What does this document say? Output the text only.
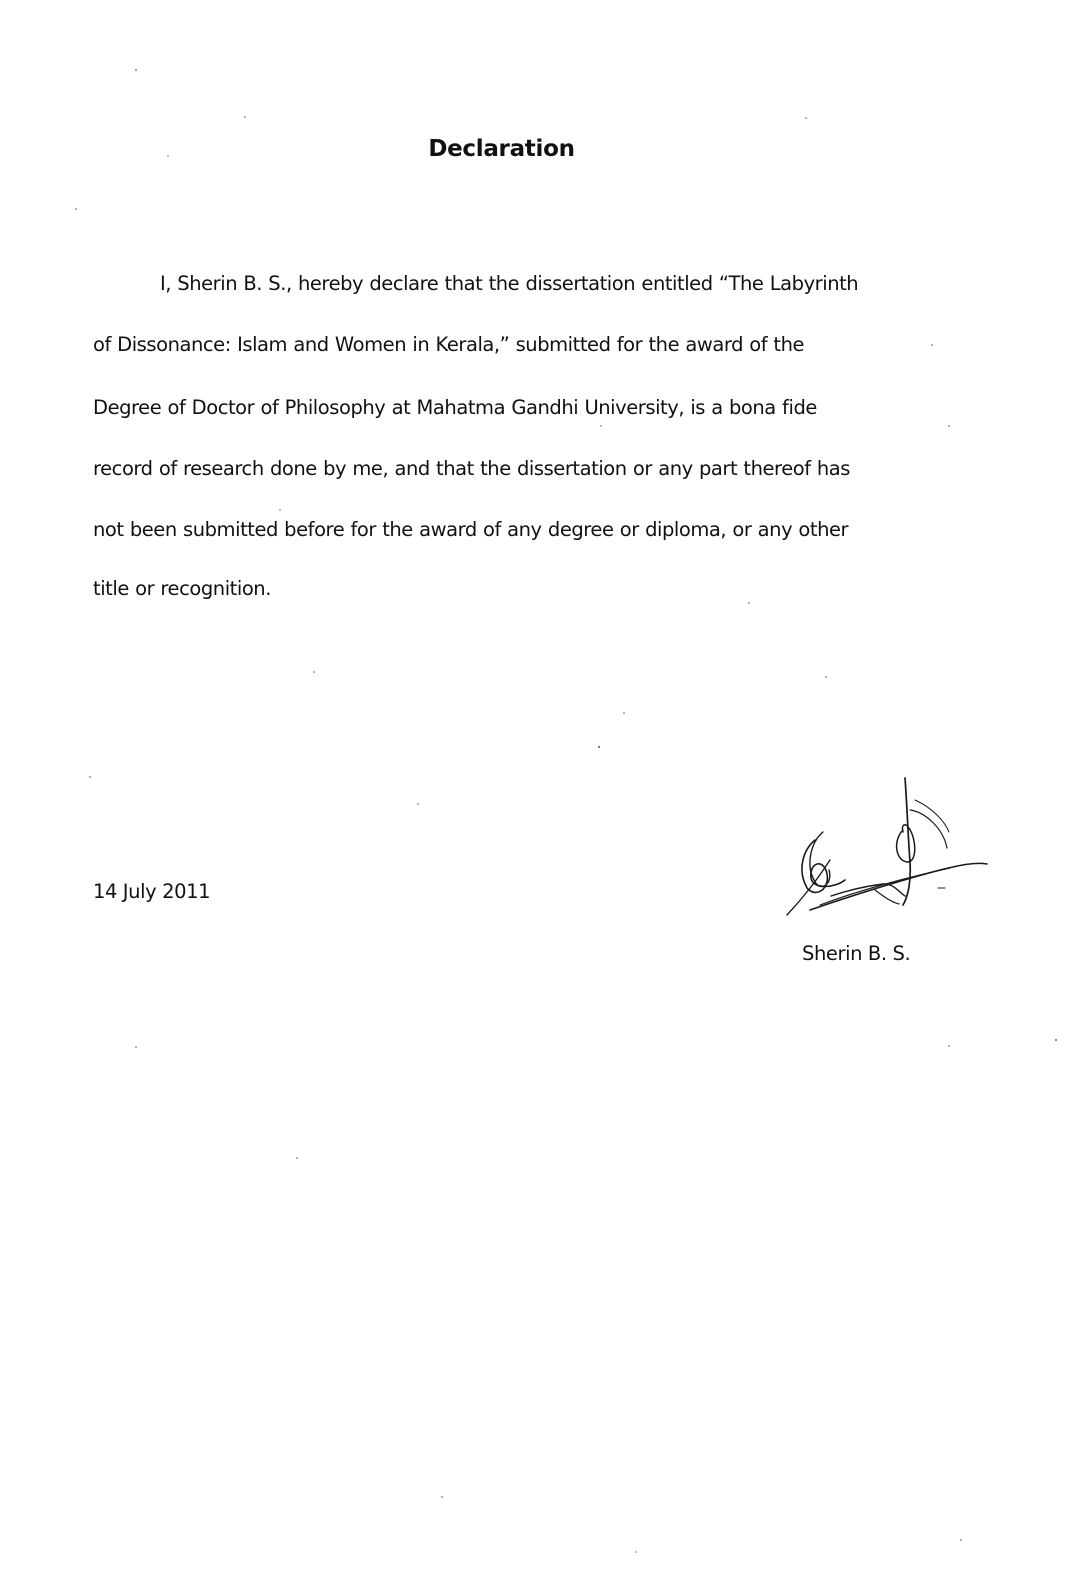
Declaration
I, Sherin B. S., hereby declare that the dissertation entitled “The Labyrinth
of Dissonance: Islam and Women in Kerala,” submitted for the award of the
Degree of Doctor of Philosophy at Mahatma Gandhi University, is a bona fide
record of research done by me, and that the dissertation or any part thereof has
not been submitted before for the award of any degree or diploma, or any other
title or recognition.
14 July 2011
Sherin B. S.
